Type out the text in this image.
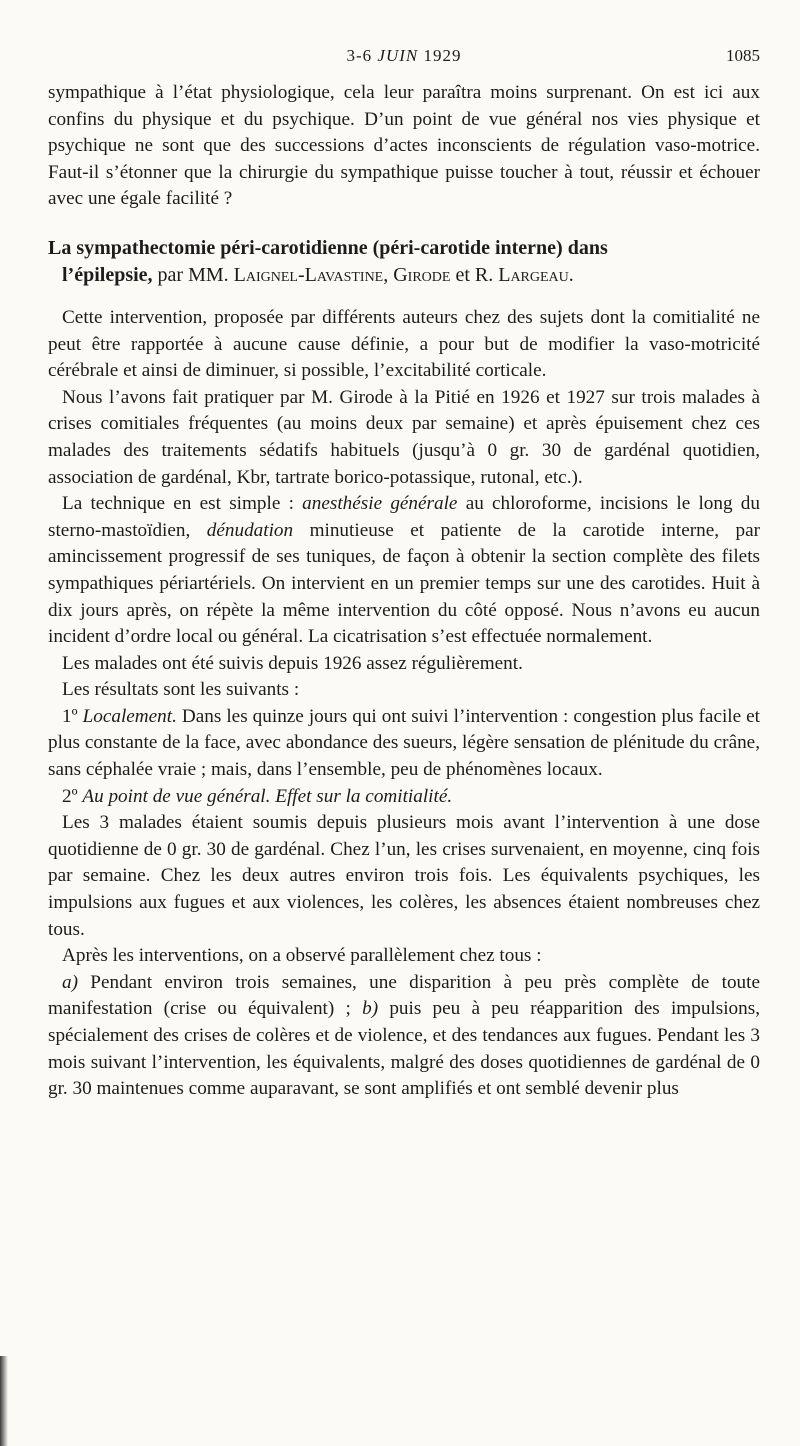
3-6 JUIN 1929	1085

sympathique à l’état physiologique, cela leur paraîtra moins surprenant. On est ici aux confins du physique et du psychique. D’un point de vue général nos vies physique et psychique ne sont que des successions d’actes inconscients de régulation vaso-motrice. Faut-il s’étonner que la chirurgie du sympathique puisse toucher à tout, réussir et échouer avec une égale facilité ?

La sympathectomie péri-carotidienne (péri-carotide interne) dans
l’épilepsie, par MM. Laignel-Lavastine, Girode et R. Largeau.

Cette intervention, proposée par différents auteurs chez des sujets dont la comitialité ne peut être rapportée à aucune cause définie, a pour but de modifier la vaso-motricité cérébrale et ainsi de diminuer, si possible, l’excitabilité corticale.

Nous l’avons fait pratiquer par M. Girode à la Pitié en 1926 et 1927 sur trois malades à crises comitiales fréquentes (au moins deux par semaine) et après épuisement chez ces malades des traitements sédatifs habituels (jusqu’à 0 gr. 30 de gardénal quotidien, association de gardénal, Kbr, tartrate borico-potassique, rutonal, etc.).

La technique en est simple : anesthésie générale au chloroforme, incisions le long du sterno-mastoïdien, dénudation minutieuse et patiente de la carotide interne, par amincissement progressif de ses tuniques, de façon à obtenir la section complète des filets sympathiques périartériels. On intervient en un premier temps sur une des carotides. Huit à dix jours après, on répète la même intervention du côté opposé. Nous n’avons eu aucun incident d’ordre local ou général. La cicatrisation s’est effectuée normalement.

Les malades ont été suivis depuis 1926 assez régulièrement.

Les résultats sont les suivants :

1º Localement. Dans les quinze jours qui ont suivi l’intervention : congestion plus facile et plus constante de la face, avec abondance des sueurs, légère sensation de plénitude du crâne, sans céphalée vraie ; mais, dans l’ensemble, peu de phénomènes locaux.

2º Au point de vue général. Effet sur la comitialité.

Les 3 malades étaient soumis depuis plusieurs mois avant l’intervention à une dose quotidienne de 0 gr. 30 de gardénal. Chez l’un, les crises survenaient, en moyenne, cinq fois par semaine. Chez les deux autres environ trois fois. Les équivalents psychiques, les impulsions aux fugues et aux violences, les colères, les absences étaient nombreuses chez tous.

Après les interventions, on a observé parallèlement chez tous :

a) Pendant environ trois semaines, une disparition à peu près complète de toute manifestation (crise ou équivalent) ; b) puis peu à peu réapparition des impulsions, spécialement des crises de colères et de violence, et des tendances aux fugues. Pendant les 3 mois suivant l’intervention, les équivalents, malgré des doses quotidiennes de gardénal de 0 gr. 30 maintenues comme auparavant, se sont amplifiés et ont semblé devenir plus
